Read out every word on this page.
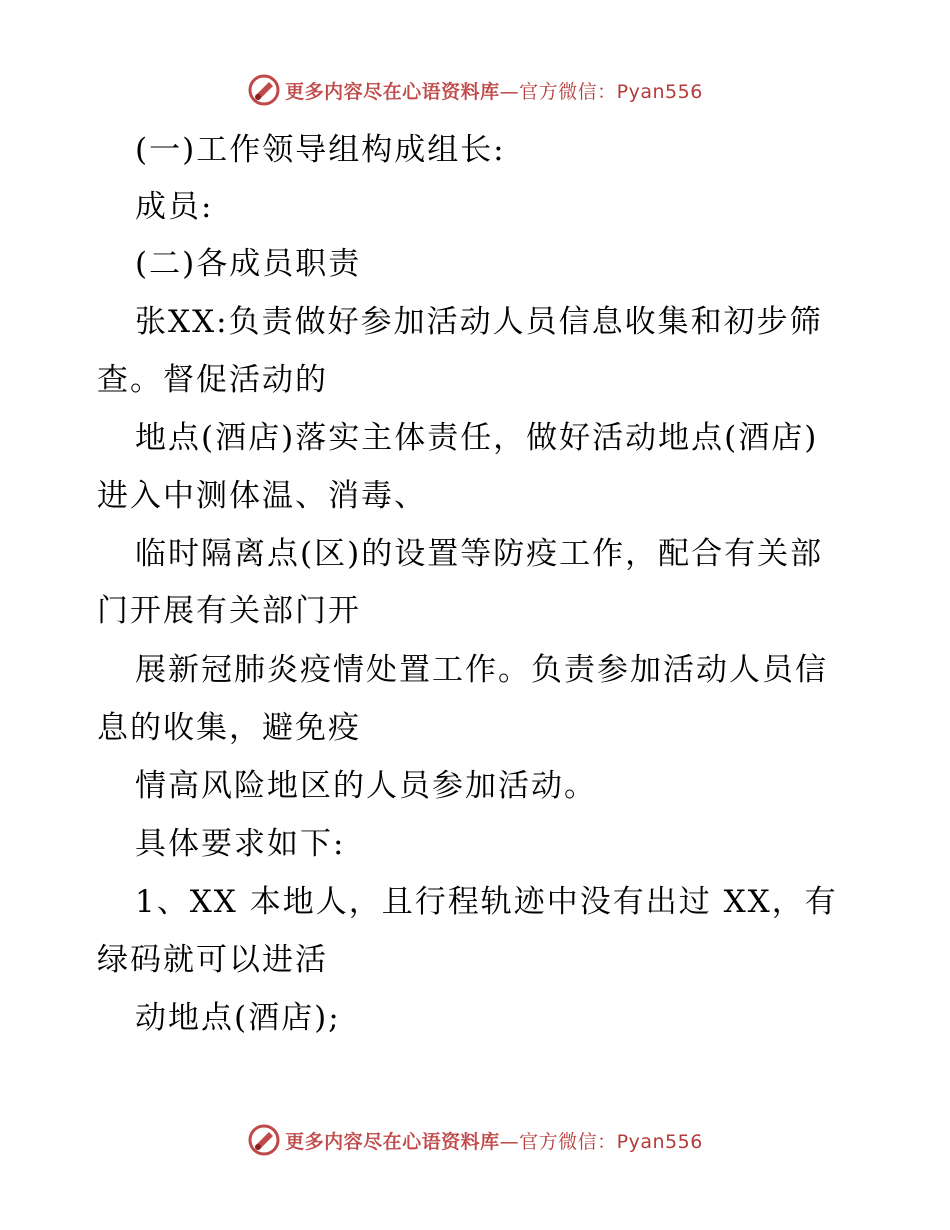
更多内容尽在心语资料库—官方微信：Pyan556
(一)工作领导组构成组长:
成员:
(二)各成员职责
张XX:负责做好参加活动人员信息收集和初步筛
查。督促活动的
地点(酒店)落实主体责任，做好活动地点(酒店)
进入中测体温、消毒、
临时隔离点(区)的设置等防疫工作，配合有关部
门开展有关部门开
展新冠肺炎疫情处置工作。负责参加活动人员信
息的收集，避免疫
情高风险地区的人员参加活动。
具体要求如下:
1、XX 本地人，且行程轨迹中没有出过 XX，有
绿码就可以进活
动地点(酒店);
更多内容尽在心语资料库—官方微信：Pyan556
